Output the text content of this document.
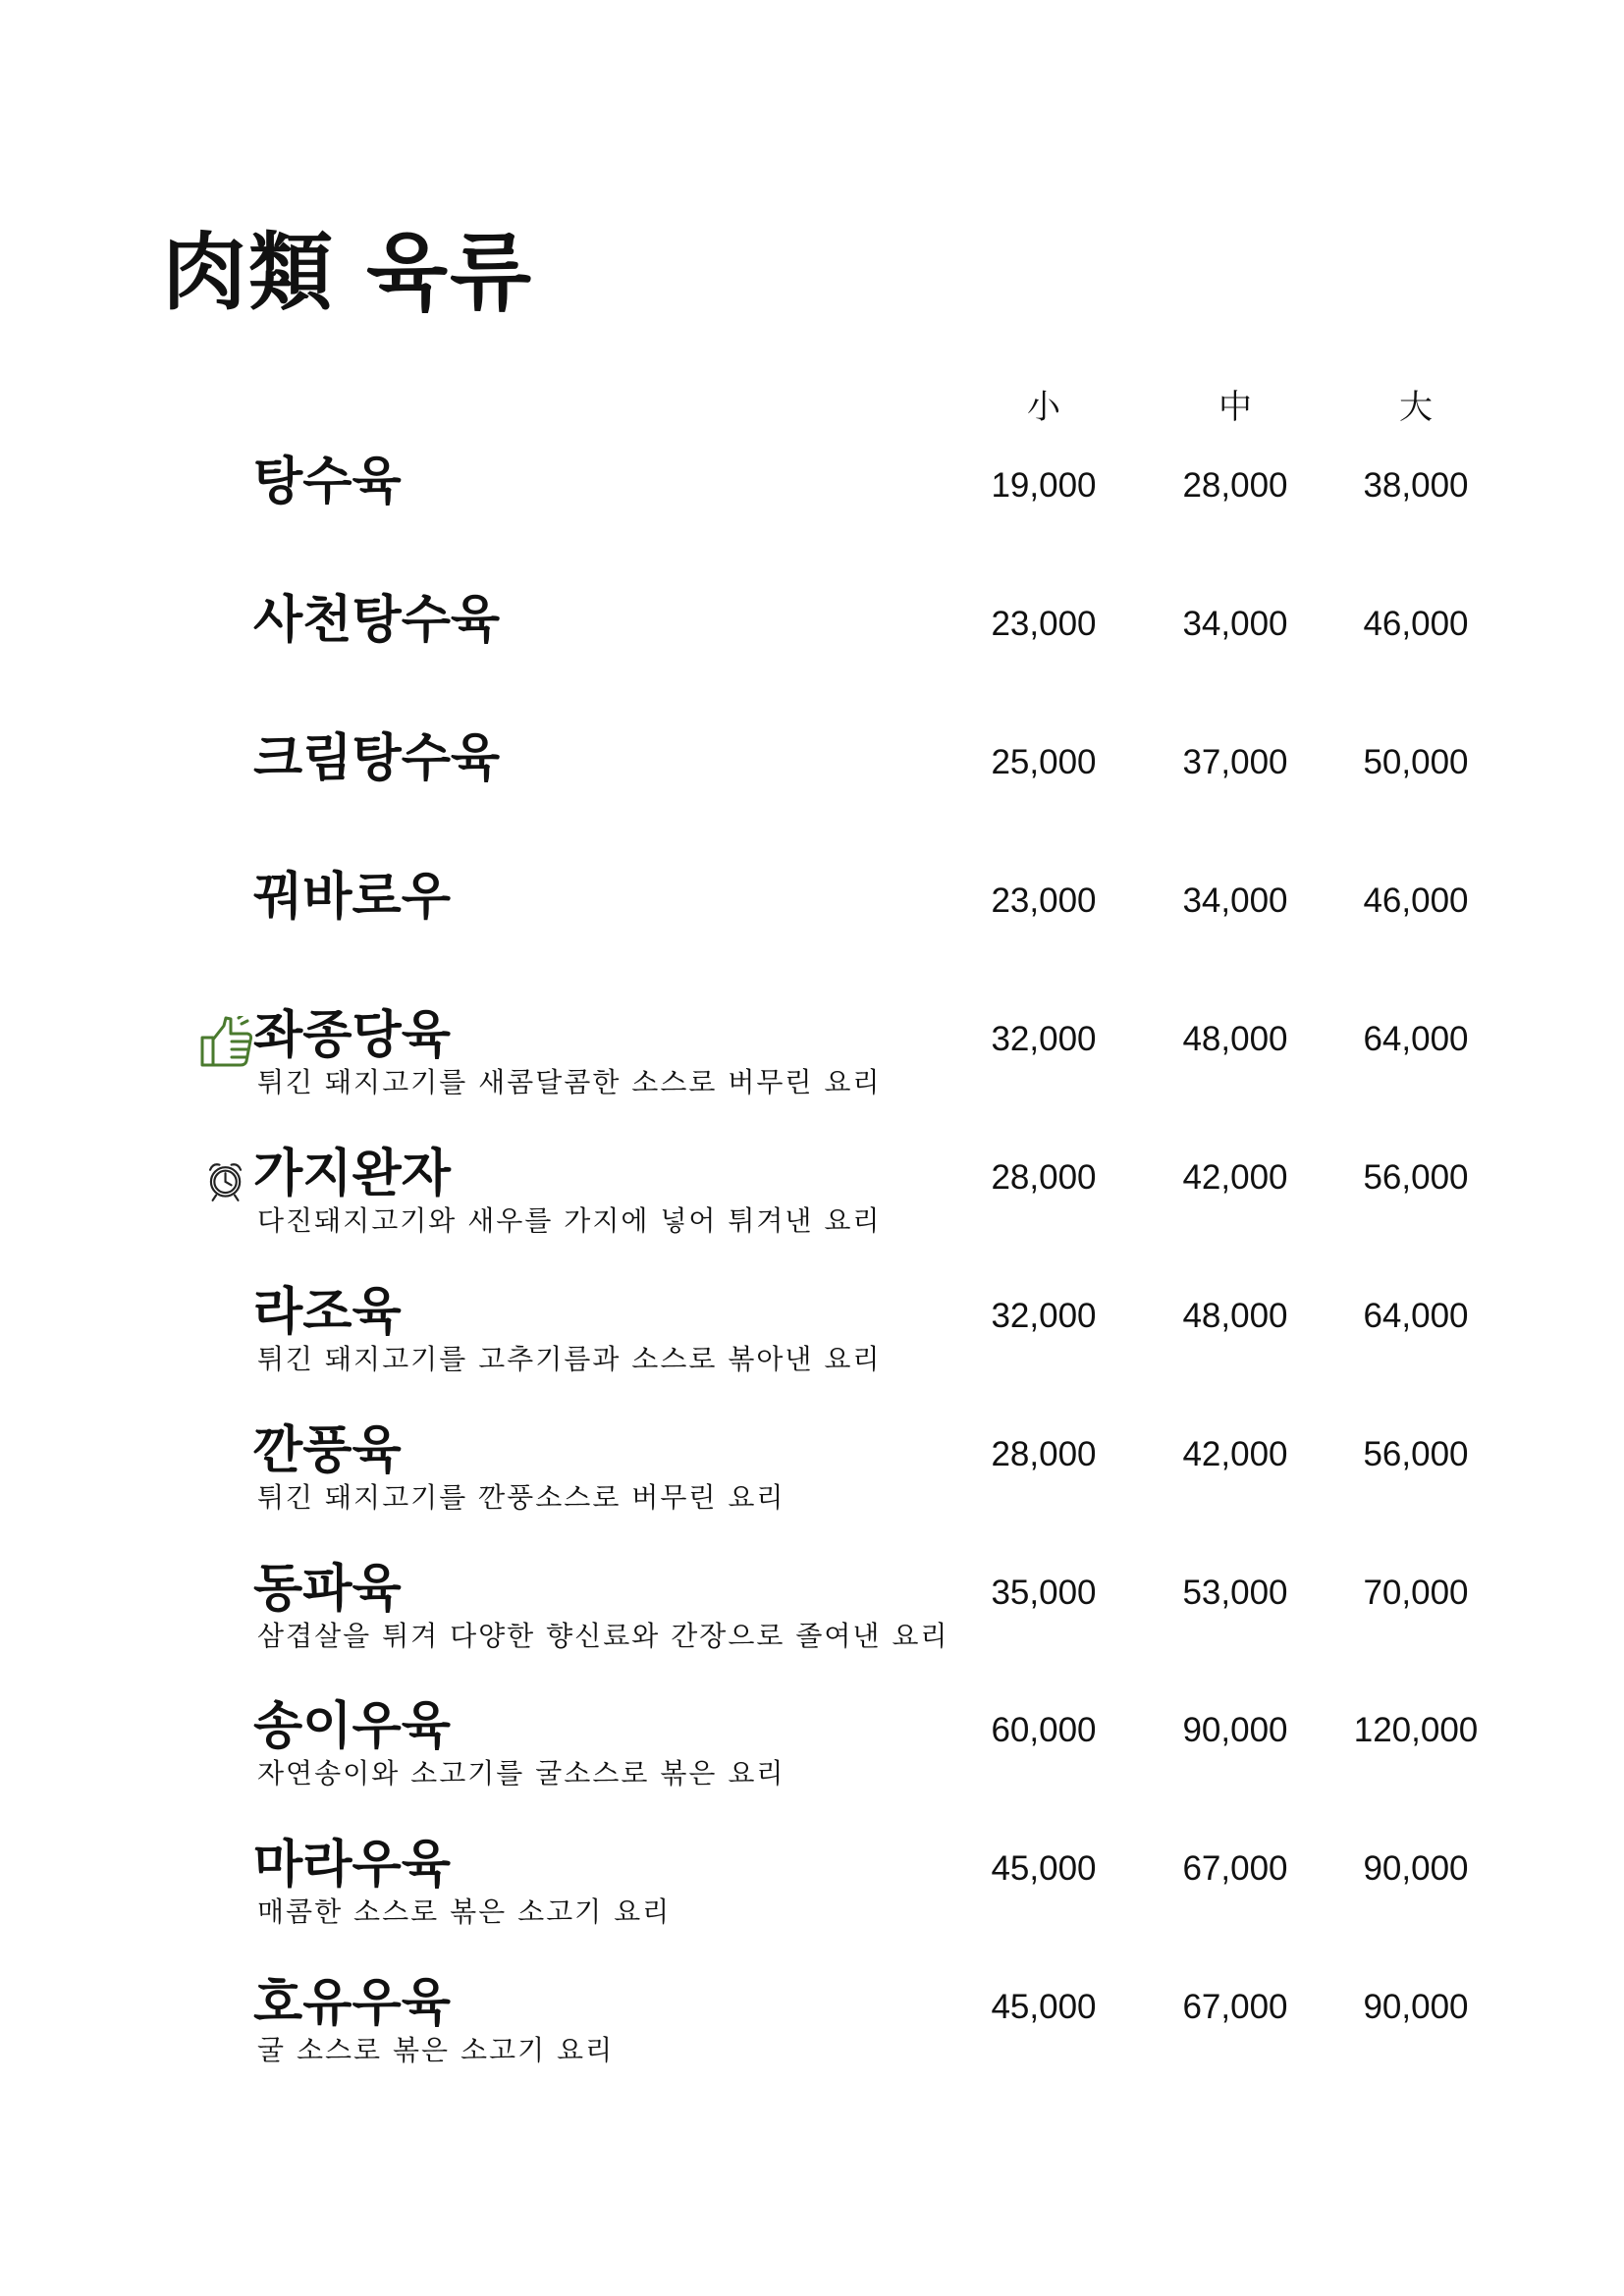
肉類 육류
小	中	大
탕수육	19,000	28,000	38,000
사천탕수육	23,000	34,000	46,000
크림탕수육	25,000	37,000	50,000
꿔바로우	23,000	34,000	46,000
좌종당육
튀긴 돼지고기를 새콤달콤한 소스로 버무린 요리
32,000	48,000	64,000
가지완자
다진돼지고기와 새우를 가지에 넣어 튀겨낸 요리
28,000	42,000	56,000
라조육
튀긴 돼지고기를 고추기름과 소스로 볶아낸 요리
32,000	48,000	64,000
깐풍육
튀긴 돼지고기를 깐풍소스로 버무린 요리
28,000	42,000	56,000
동파육
삼겹살을 튀겨 다양한 향신료와 간장으로 졸여낸 요리
35,000	53,000	70,000
송이우육
자연송이와 소고기를 굴소스로 볶은 요리
60,000	90,000	120,000
마라우육
매콤한 소스로 볶은 소고기 요리
45,000	67,000	90,000
호유우육
굴 소스로 볶은 소고기 요리
45,000	67,000	90,000
